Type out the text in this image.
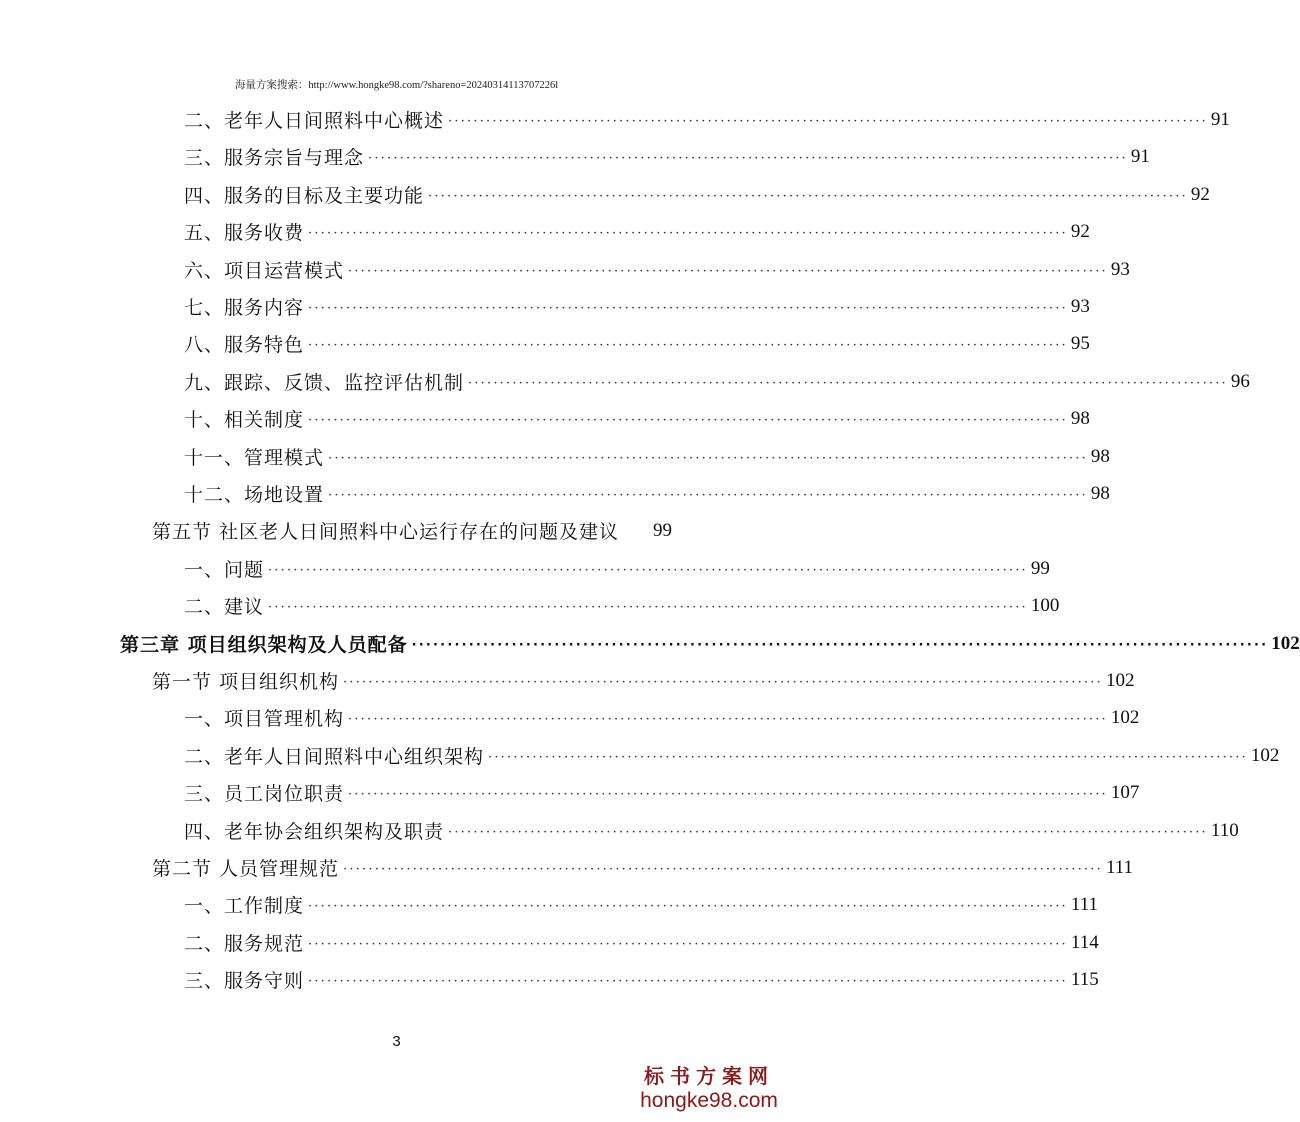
海量方案搜索：http://www.hongke98.com/?shareno=20240314113707226l
二、老年人日间照料中心概述 ························································································································ 91
三、服务宗旨与理念 ························································································································ 91
四、服务的目标及主要功能 ························································································································ 92
五、服务收费 ························································································································ 92
六、项目运营模式 ························································································································ 93
七、服务内容 ························································································································ 93
八、服务特色 ························································································································ 95
九、跟踪、反馈、监控评估机制 ························································································································ 96
十、相关制度 ························································································································ 98
十一、管理模式 ························································································································ 98
十二、场地设置 ························································································································ 98
第五节 社区老人日间照料中心运行存在的问题及建议	99
一、问题 ························································································································ 99
二、建议 ························································································································ 100
第三章 项目组织架构及人员配备 ························································································································ 102
第一节 项目组织机构 ························································································································ 102
一、项目管理机构 ························································································································ 102
二、老年人日间照料中心组织架构 ························································································································ 102
三、员工岗位职责 ························································································································ 107
四、老年协会组织架构及职责 ························································································································ 110
第二节 人员管理规范 ························································································································ 111
一、工作制度 ························································································································ 111
二、服务规范 ························································································································ 114
三、服务守则 ························································································································ 115
3
标书方案网
hongke98.com
